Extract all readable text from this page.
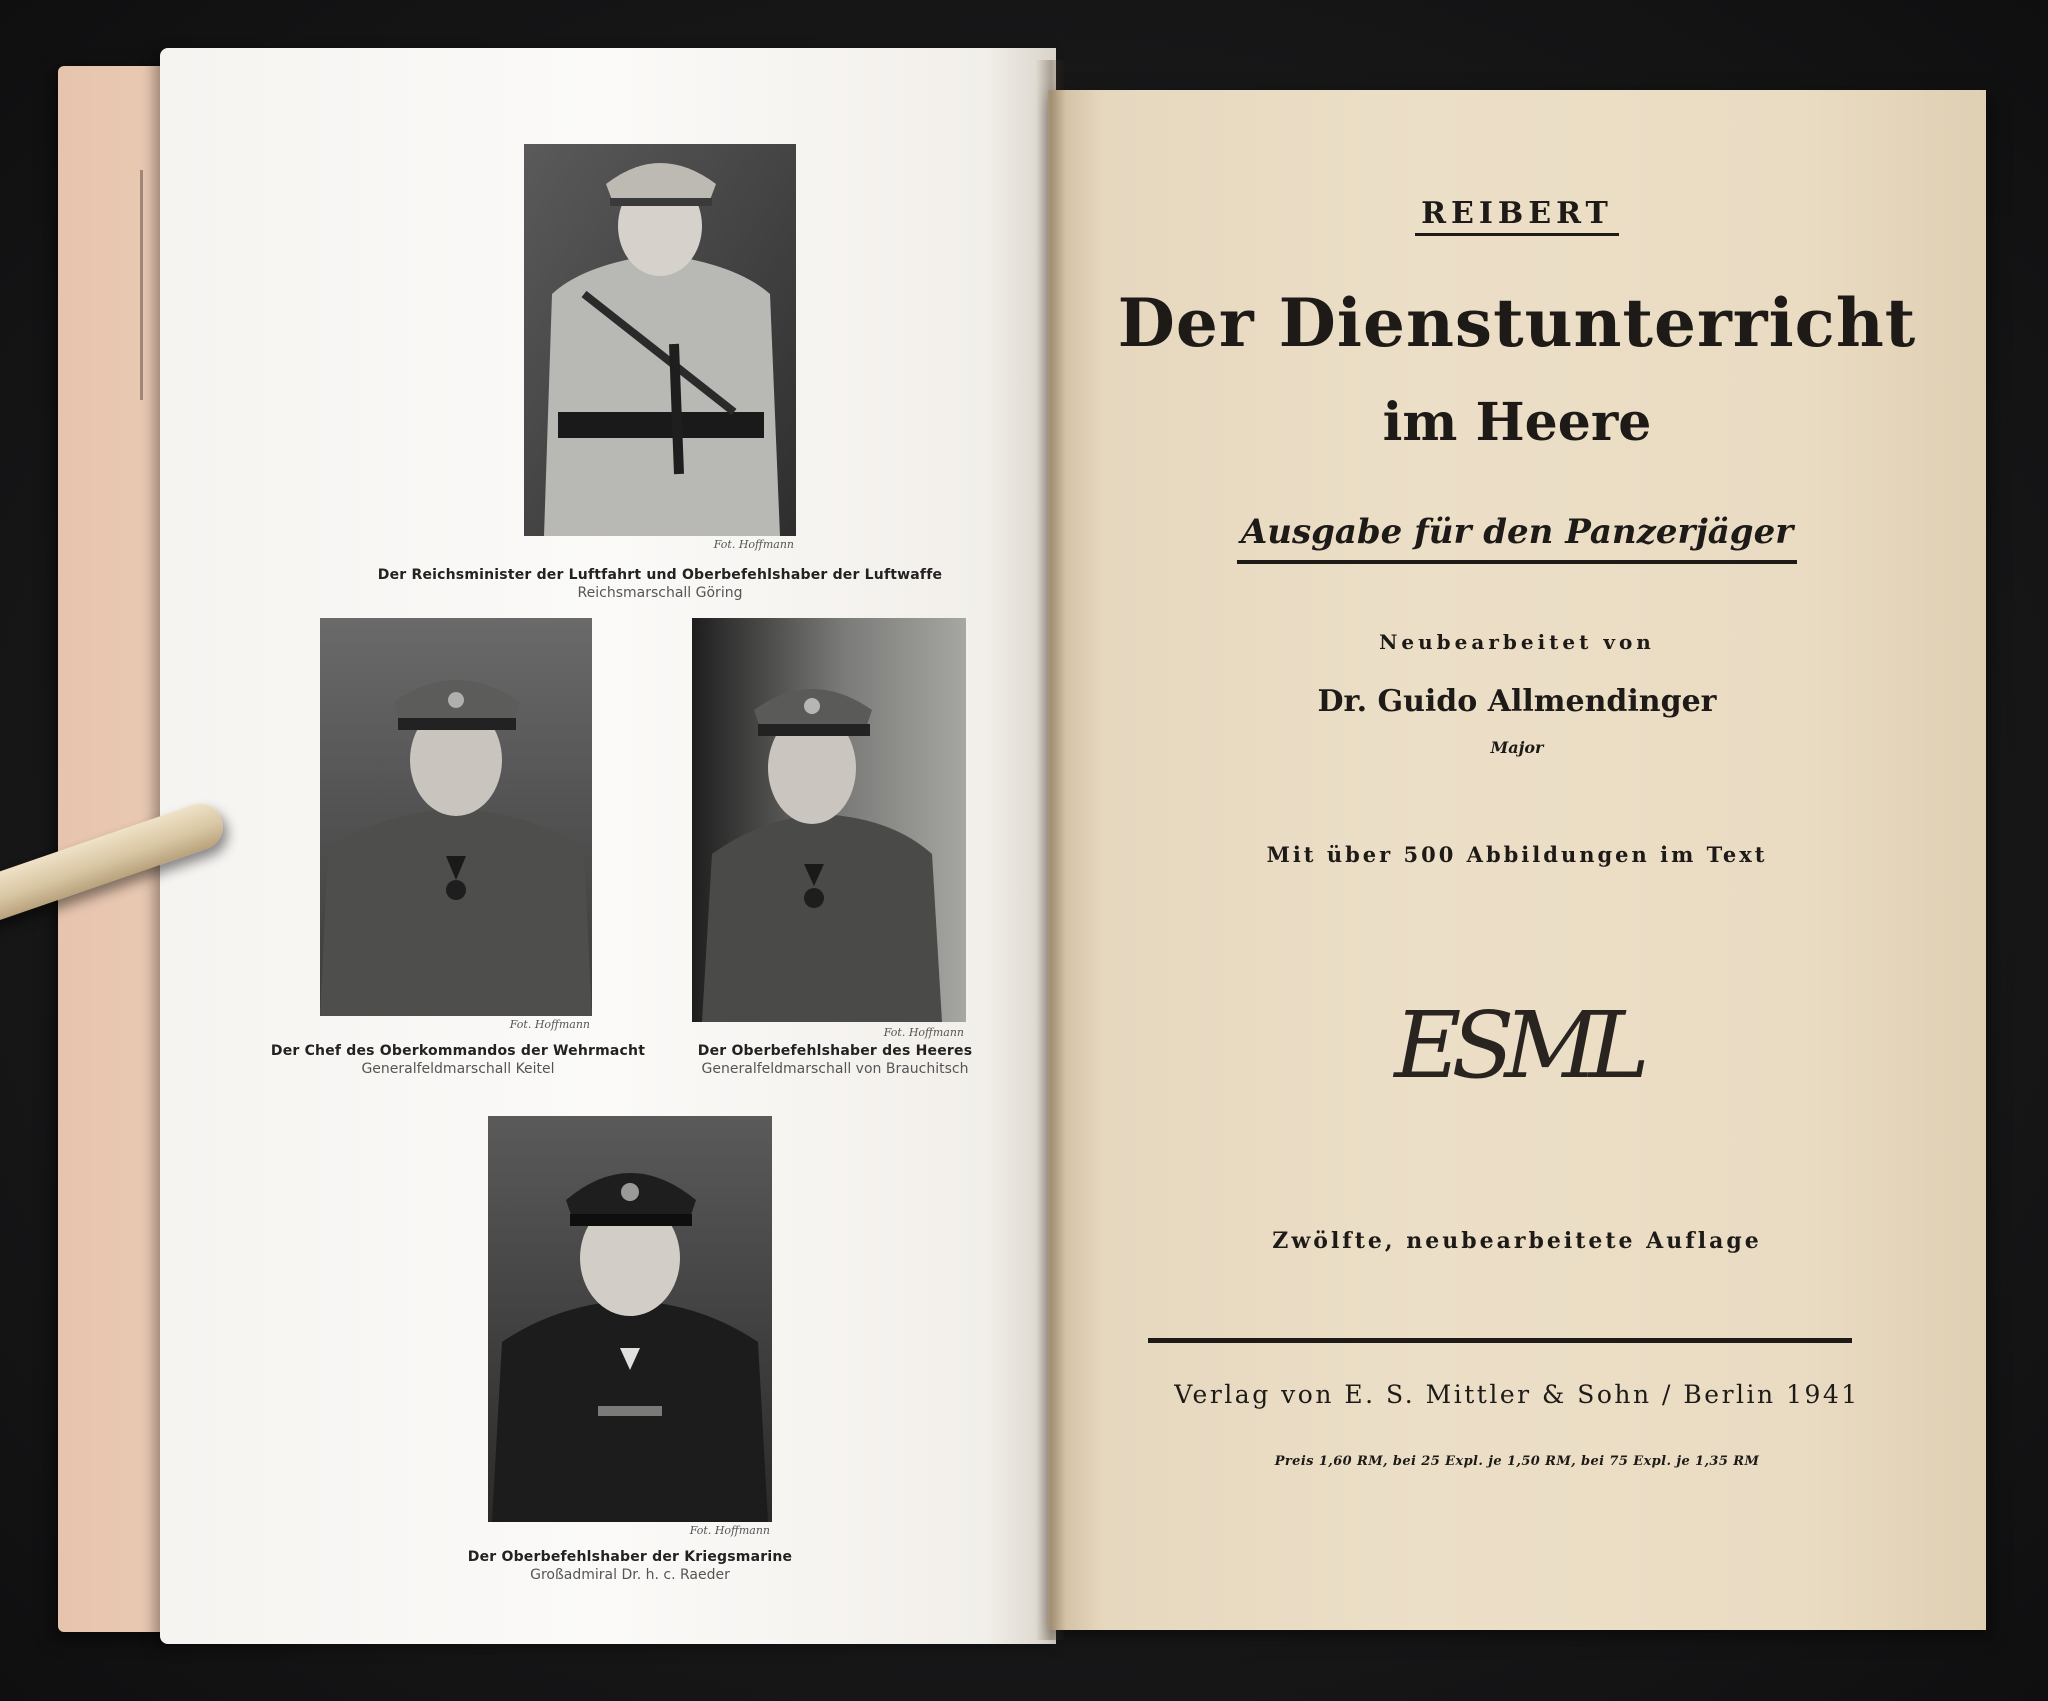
Fot. Hoffmann
Der Reichsminister der Luftfahrt und Oberbefehlshaber der Luftwaffe
Reichsmarschall Göring
Fot. Hoffmann
Der Chef des Oberkommandos der Wehrmacht
Generalfeldmarschall Keitel
Fot. Hoffmann
Der Oberbefehlshaber des Heeres
Generalfeldmarschall von Brauchitsch
Fot. Hoffmann
Der Oberbefehlshaber der Kriegsmarine
Großadmiral Dr. h. c. Raeder
REIBERT
Der Dienstunterricht
im Heere
Ausgabe für den Panzerjäger
Neubearbeitet von
Dr. Guido Allmendinger
Major
Mit über 500 Abbildungen im Text
ESML
Zwölfte, neubearbeitete Auflage
Verlag von E. S. Mittler & Sohn / Berlin 1941
Preis 1,60 RM, bei 25 Expl. je 1,50 RM, bei 75 Expl. je 1,35 RM
